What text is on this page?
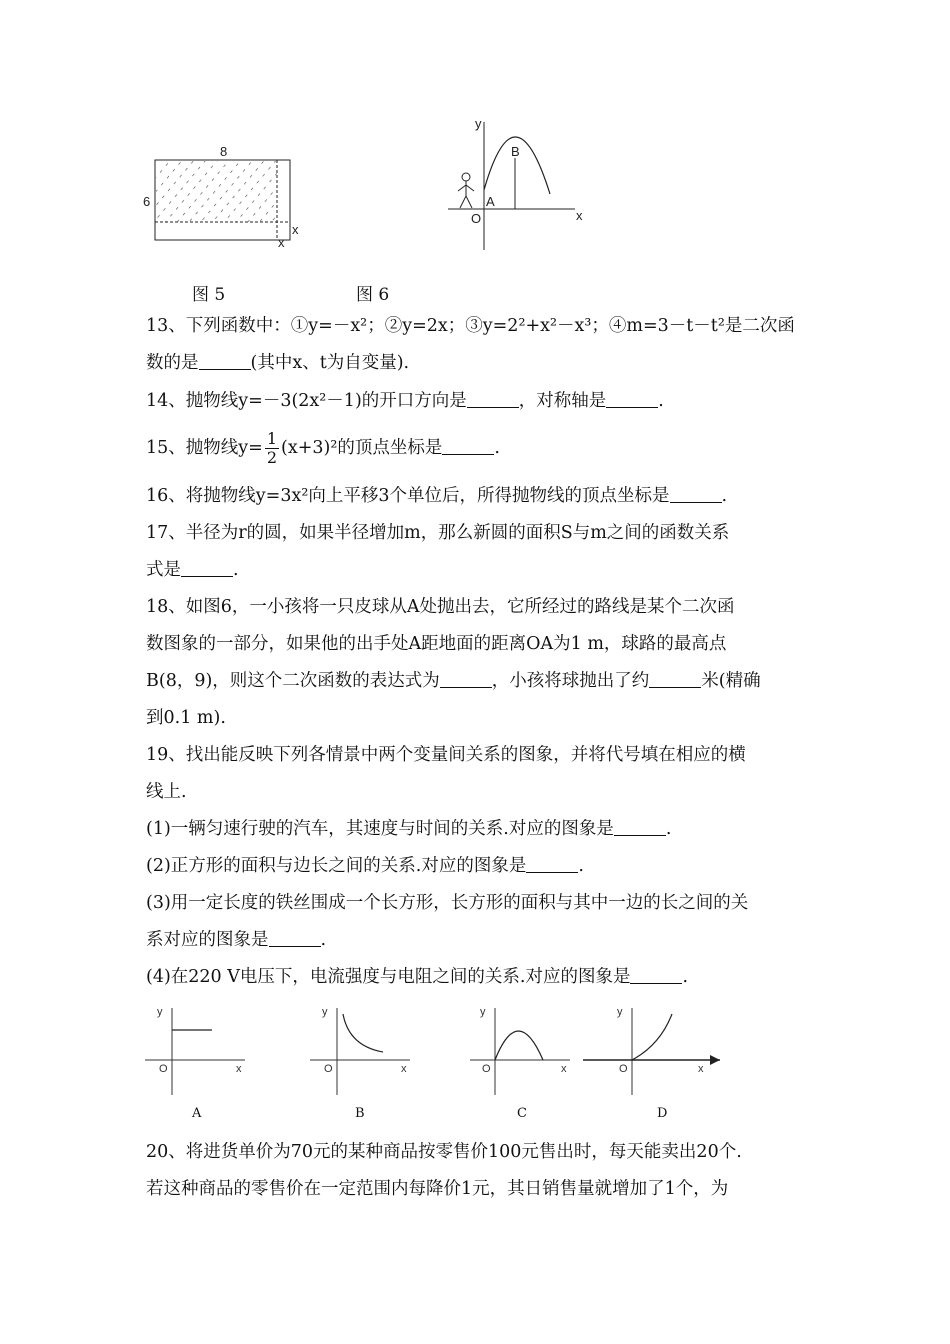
8
6
x
x
y
x
O
A
B
图 5	图 6
13、下列函数中：①y=－x²；②y=2x；③y=2²+x²－x³；④m=3－t－t²是二次函
数的是	(其中x、t为自变量).
14、抛物线y=－3(2x²－1)的开口方向是	，对称轴是	.
15、抛物线$y= \frac{1}{2} (x+3)^2$的顶点坐标是	.
16、将抛物线y=3x²向上平移3个单位后，所得抛物线的顶点坐标是	.
17、半径为r的圆，如果半径增加m，那么新圆的面积S与m之间的函数关系
式是	.
18、如图6，一小孩将一只皮球从A处抛出去，它所经过的路线是某个二次函
数图象的一部分，如果他的出手处A距地面的距离OA为1 m，球路的最高点
B(8，9)，则这个二次函数的表达式为	，小孩将球抛出了约	米(精确
到0.1 m).
19、找出能反映下列各情景中两个变量间关系的图象，并将代号填在相应的横
线上.
(1)一辆匀速行驶的汽车，其速度与时间的关系.对应的图象是	.
(2)正方形的面积与边长之间的关系.对应的图象是	.
(3)用一定长度的铁丝围成一个长方形，长方形的面积与其中一边的长之间的关
系对应的图象是	.
(4)在220 V电压下，电流强度与电阻之间的关系.对应的图象是	.
y
x
O
A
y
x
O
B
y
x
O
C
y
x
O
D
20、将进货单价为70元的某种商品按零售价100元售出时，每天能卖出20个.
若这种商品的零售价在一定范围内每降价1元，其日销售量就增加了1个，为
